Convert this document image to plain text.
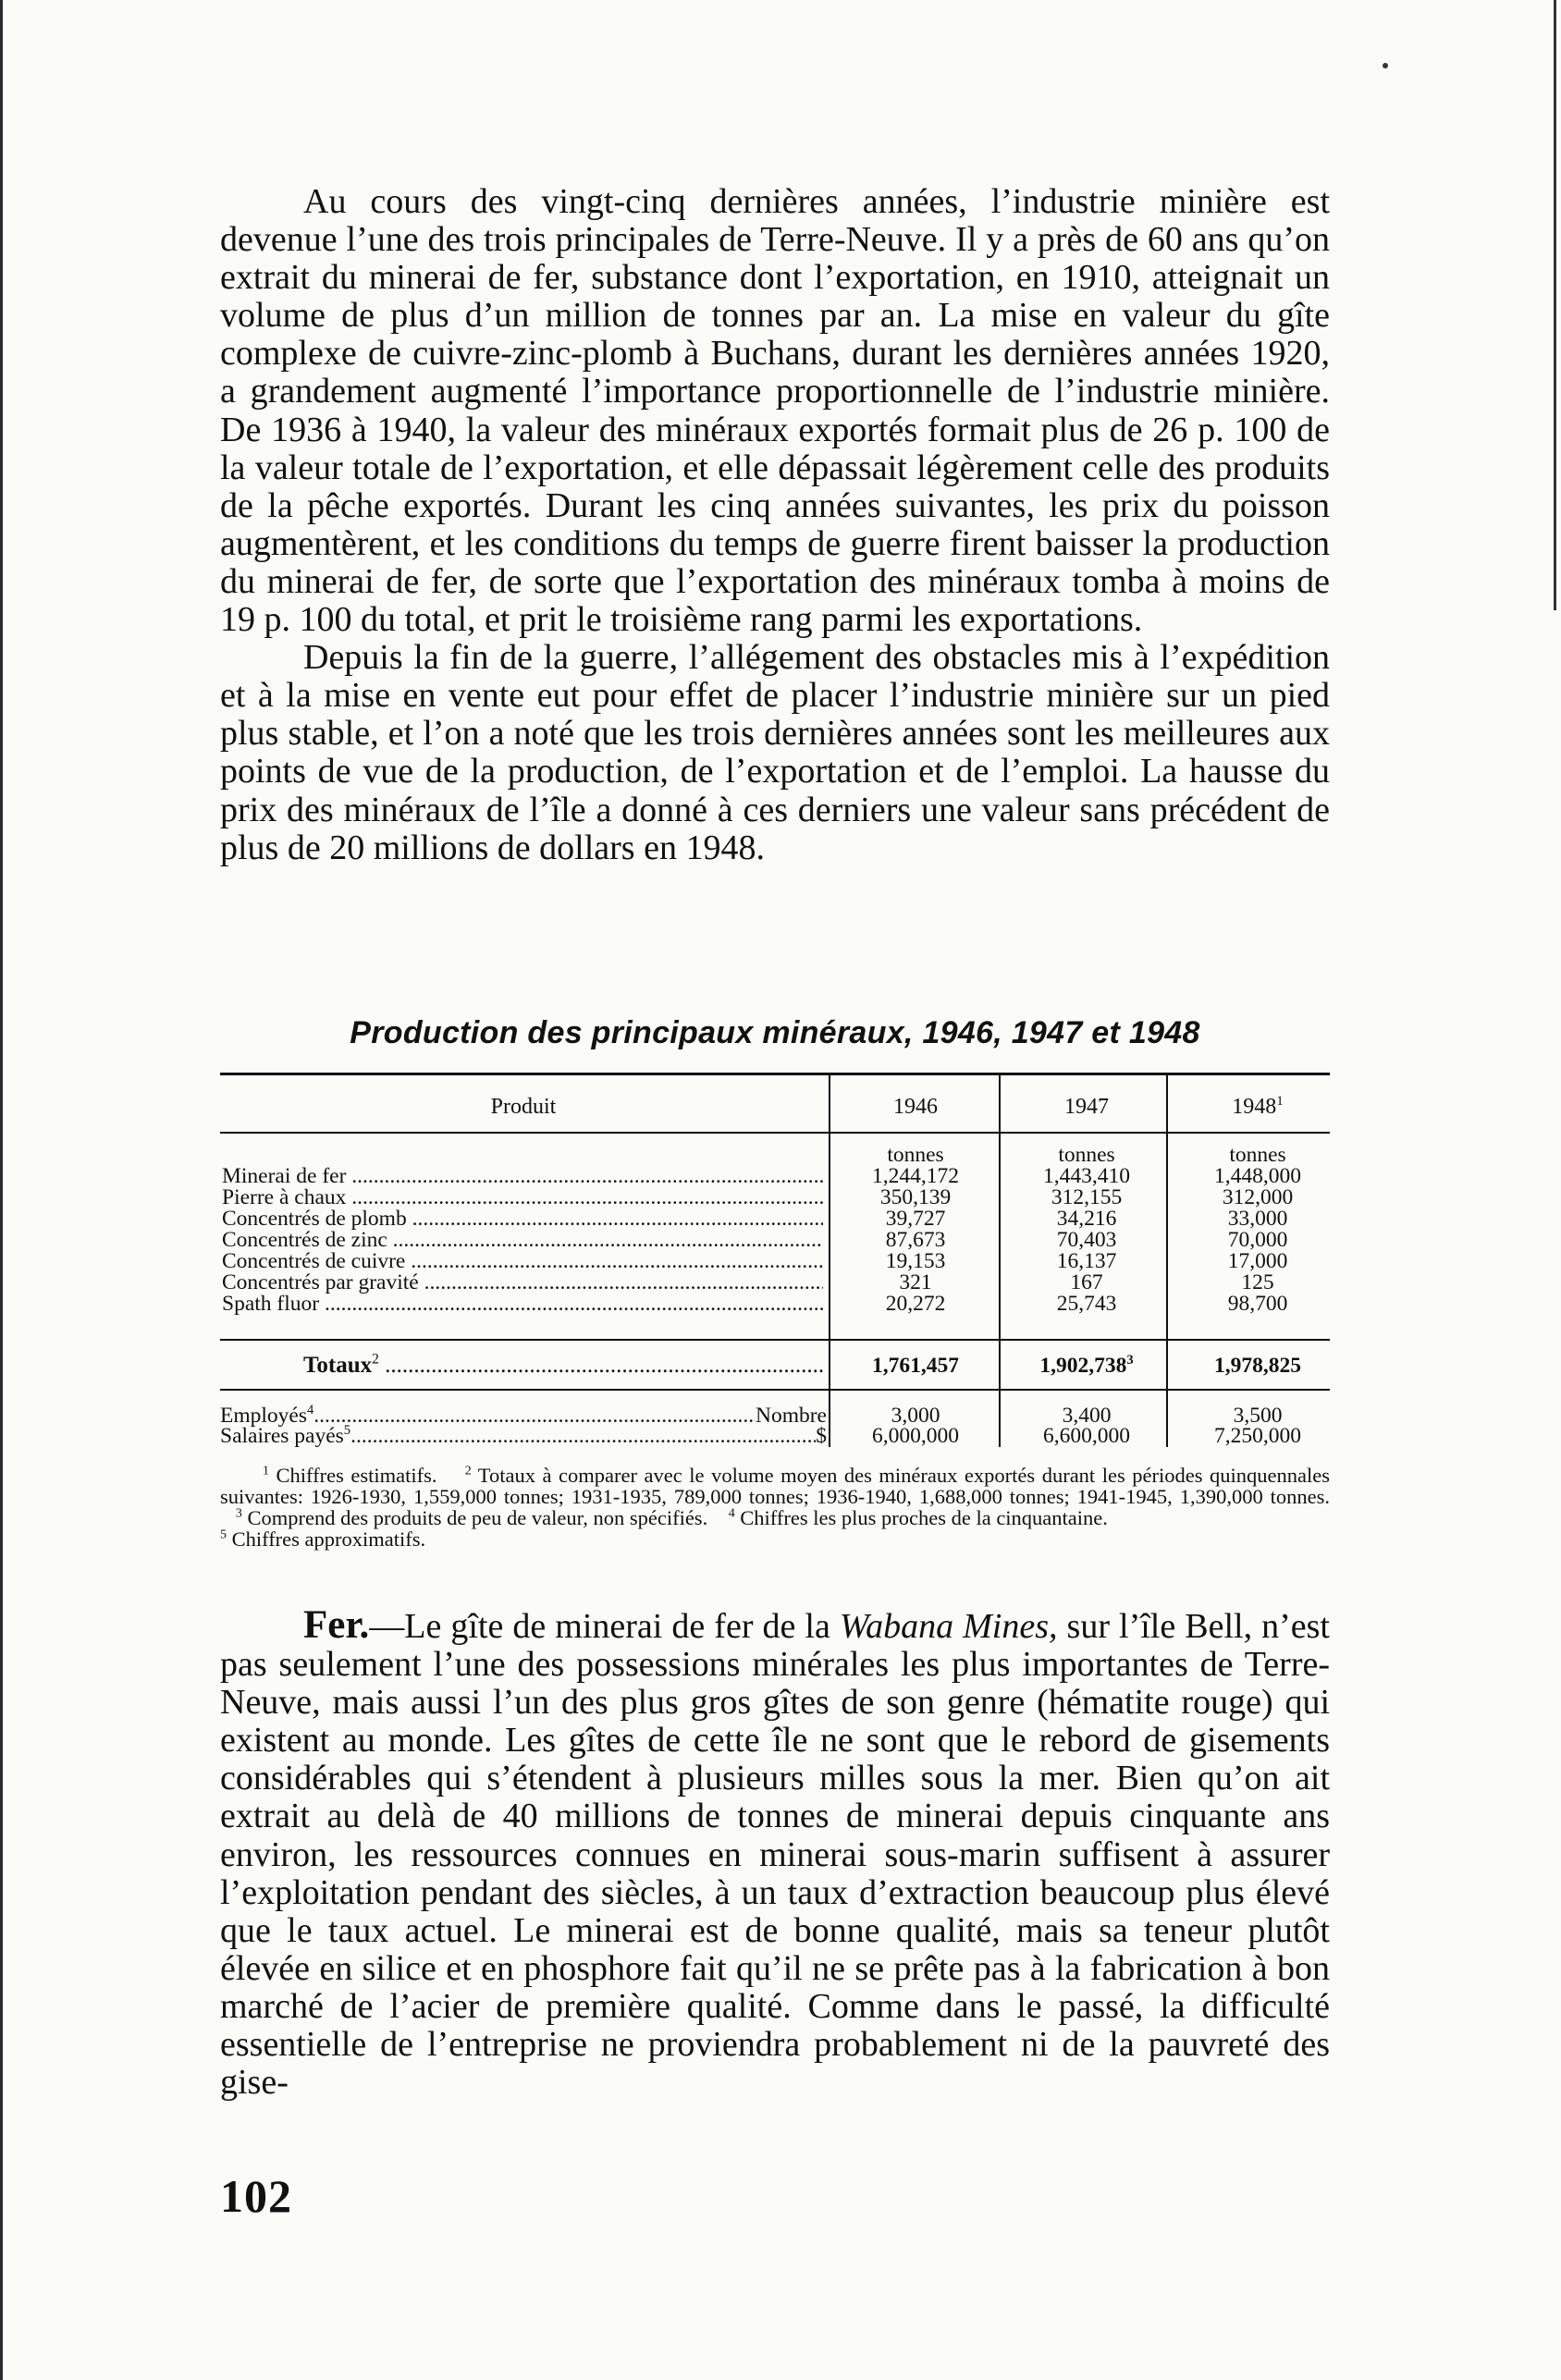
Au cours des vingt-cinq dernières années, l’industrie minière est devenue l’une des trois principales de Terre-Neuve. Il y a près de 60 ans qu’on extrait du minerai de fer, substance dont l’exportation, en 1910, atteignait un volume de plus d’un million de tonnes par an. La mise en valeur du gîte complexe de cuivre-zinc-plomb à Buchans, durant les dernières années 1920, a grandement augmenté l’importance proportionnelle de l’industrie minière. De 1936 à 1940, la valeur des minéraux exportés formait plus de 26 p. 100 de la valeur totale de l’exportation, et elle dépassait légèrement celle des produits de la pêche exportés. Durant les cinq années suivantes, les prix du poisson augmentèrent, et les conditions du temps de guerre firent baisser la production du minerai de fer, de sorte que l’exportation des minéraux tomba à moins de 19 p. 100 du total, et prit le troisième rang parmi les exportations.

Depuis la fin de la guerre, l’allégement des obstacles mis à l’expédition et à la mise en vente eut pour effet de placer l’industrie minière sur un pied plus stable, et l’on a noté que les trois dernières années sont les meilleures aux points de vue de la production, de l’exportation et de l’emploi. La hausse du prix des minéraux de l’île a donné à ces derniers une valeur sans précédent de plus de 20 millions de dollars en 1948.

Production des principaux minéraux, 1946, 1947 et 1948
Produit	1946	1947	1948$^1$
tonnes	tonnes	tonnes
Minerai de fer .....	1,244,172	1,443,410	1,448,000
Pierre à chaux .....	350,139	312,155	312,000
Concentrés de plomb .....	39,727	34,216	33,000
Concentrés de zinc .....	87,673	70,403	70,000
Concentrés de cuivre .....	19,153	16,137	17,000
Concentrés par gravité .....	321	167	125
Spath fluor .....	20,272	25,743	98,700
Totaux$^2$ .....	1,761,457	1,902,738$^3$	1,978,825
Employés$^4$ .....	Nombre	3,000	3,400	3,500
Salaires payés$^5$ .....	$	6,000,000	6,600,000	7,250,000

$^1$ Chiffres estimatifs. $^2$ Totaux à comparer avec le volume moyen des minéraux exportés durant les périodes quinquennales suivantes: 1926-1930, 1,559,000 tonnes; 1931-1935, 789,000 tonnes; 1936-1940, 1,688,000 tonnes; 1941-1945, 1,390,000 tonnes.    $^3$ Comprend des produits de peu de valeur, non spécifiés. $^4$ Chiffres les plus proches de la cinquantaine.
$^5$ Chiffres approximatifs.

Fer.—Le gîte de minerai de fer de la Wabana Mines, sur l’île Bell, n’est pas seulement l’une des possessions minérales les plus importantes de Terre-Neuve, mais aussi l’un des plus gros gîtes de son genre (hématite rouge) qui existent au monde. Les gîtes de cette île ne sont que le rebord de gisements considérables qui s’étendent à plusieurs milles sous la mer. Bien qu’on ait extrait au delà de 40 millions de tonnes de minerai depuis cinquante ans environ, les ressources connues en minerai sous-marin suffisent à assurer l’exploitation pendant des siècles, à un taux d’extraction beaucoup plus élevé que le taux actuel. Le minerai est de bonne qualité, mais sa teneur plutôt élevée en silice et en phosphore fait qu’il ne se prête pas à la fabrication à bon marché de l’acier de première qualité. Comme dans le passé, la difficulté essentielle de l’entreprise ne proviendra probablement ni de la pauvreté des gise-

102
